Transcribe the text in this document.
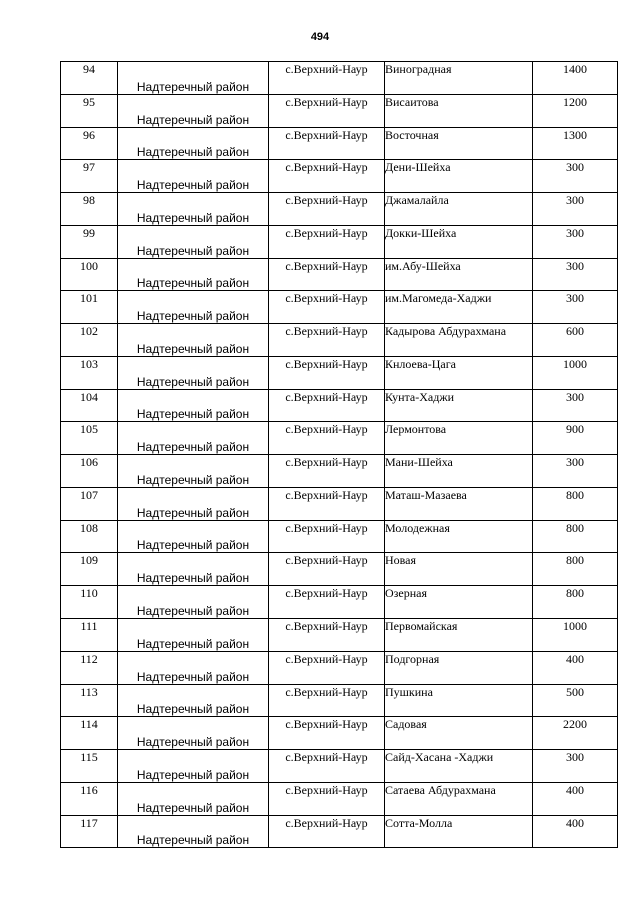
494
94	Надтеречный район	с.Верхний-Наур	Виноградная	1400
95	Надтеречный район	с.Верхний-Наур	Висаитова	1200
96	Надтеречный район	с.Верхний-Наур	Восточная	1300
97	Надтеречный район	с.Верхний-Наур	Дени-Шейха	300
98	Надтеречный район	с.Верхний-Наур	Джамалайла	300
99	Надтеречный район	с.Верхний-Наур	Докки-Шейха	300
100	Надтеречный район	с.Верхний-Наур	им.Абу-Шейха	300
101	Надтеречный район	с.Верхний-Наур	им.Магомеда-Хаджи	300
102	Надтеречный район	с.Верхний-Наур	Кадырова Абдурахмана	600
103	Надтеречный район	с.Верхний-Наур	Кнлоева-Цага	1000
104	Надтеречный район	с.Верхний-Наур	Кунта-Хаджи	300
105	Надтеречный район	с.Верхний-Наур	Лермонтова	900
106	Надтеречный район	с.Верхний-Наур	Мани-Шейха	300
107	Надтеречный район	с.Верхний-Наур	Маташ-Мазаева	800
108	Надтеречный район	с.Верхний-Наур	Молодежная	800
109	Надтеречный район	с.Верхний-Наур	Новая	800
110	Надтеречный район	с.Верхний-Наур	Озерная	800
111	Надтеречный район	с.Верхний-Наур	Первомайская	1000
112	Надтеречный район	с.Верхний-Наур	Подгорная	400
113	Надтеречный район	с.Верхний-Наур	Пушкина	500
114	Надтеречный район	с.Верхний-Наур	Садовая	2200
115	Надтеречный район	с.Верхний-Наур	Сайд-Хасана -Хаджи	300
116	Надтеречный район	с.Верхний-Наур	Сатаева Абдурахмана	400
117	Надтеречный район	с.Верхний-Наур	Сотта-Молла	400
